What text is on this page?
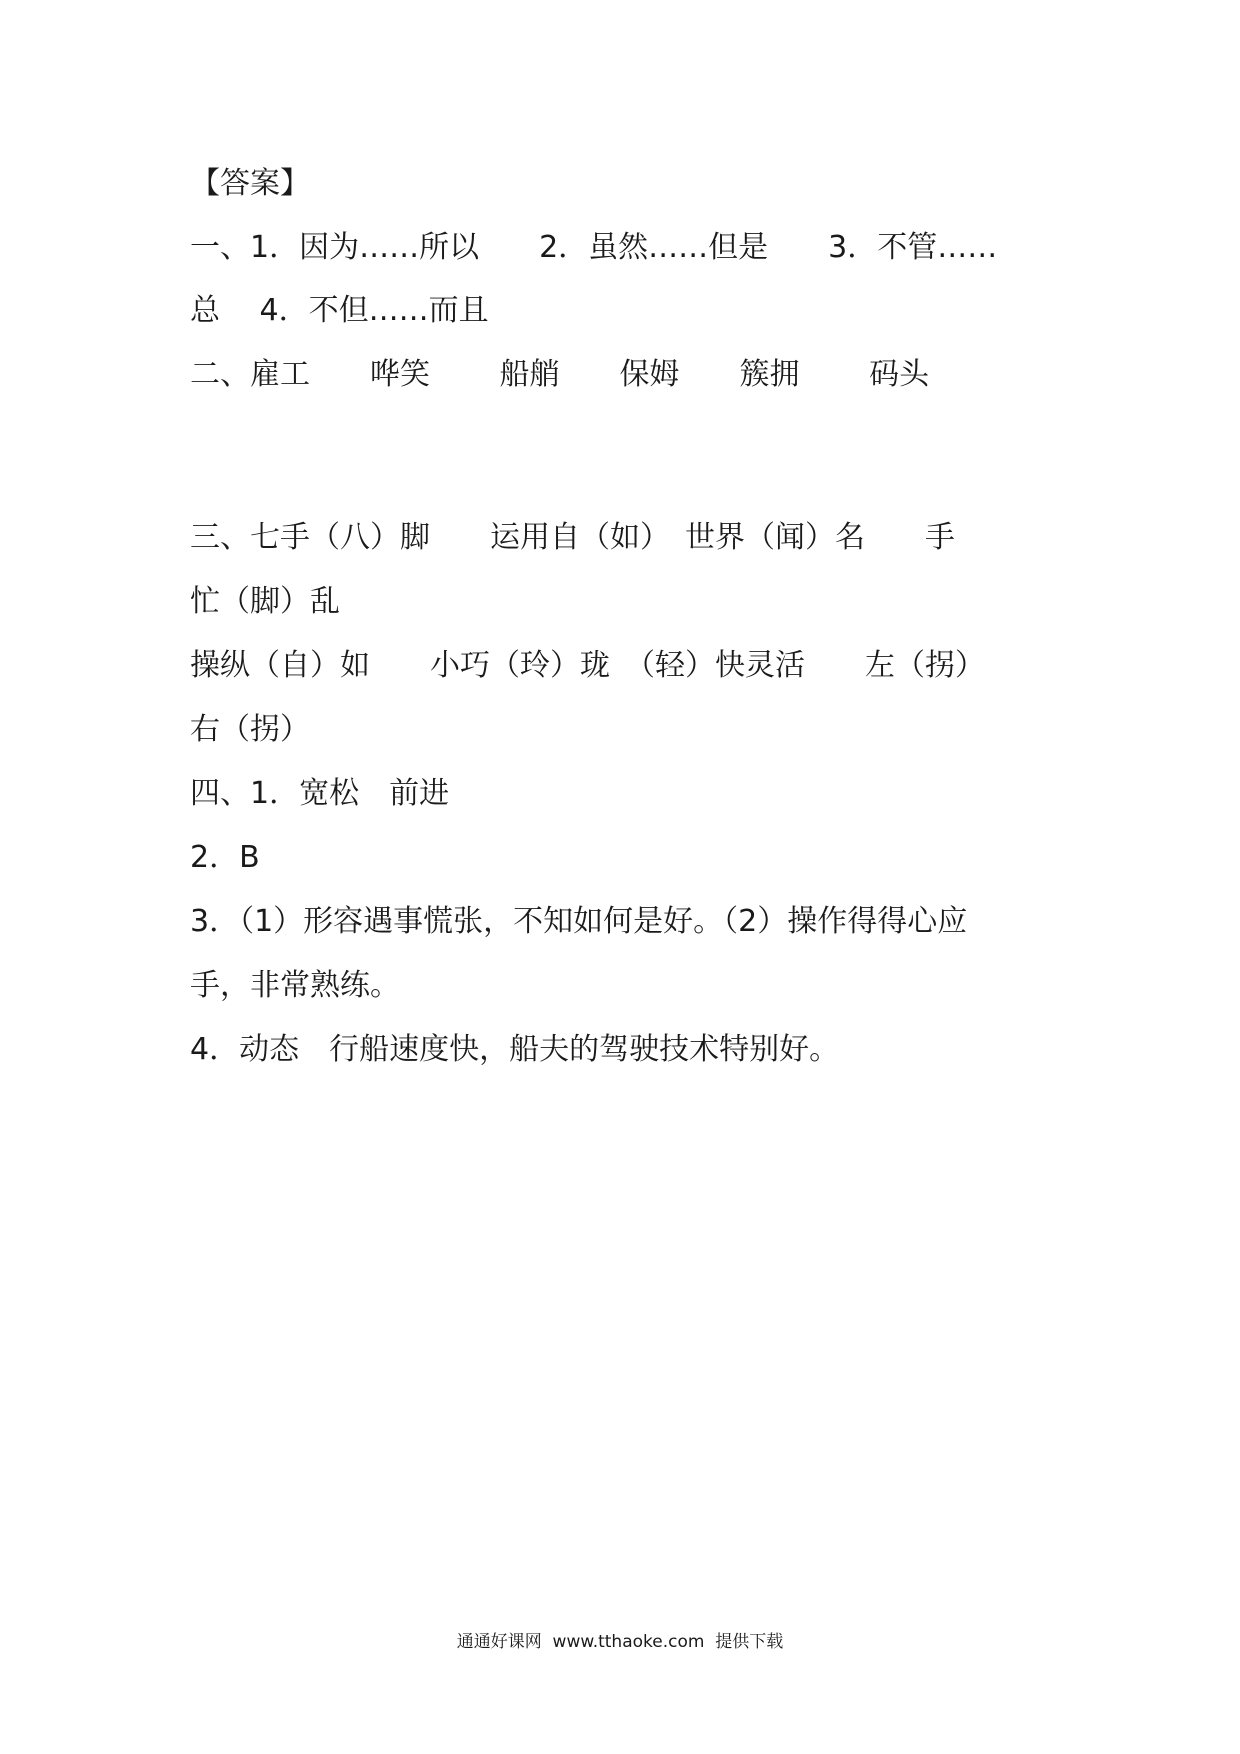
【答案】
一、1．因为……所以　　2．虽然……但是　　3．不管……
总　 4．不但……而且
二、雇工　　哗笑　　 船艄　　保姆　　簇拥　　 码头
三、七手（八）脚　　运用自（如）　世界（闻）名　　手
忙（脚）乱
操纵（自）如　　小巧（玲）珑　（轻）快灵活　　左（拐）
右（拐）
四、1．宽松　前进
2．B
3．（1）形容遇事慌张，不知如何是好。（2）操作得得心应
手，非常熟练。
4．动态　行船速度快，船夫的驾驶技术特别好。
通通好课网  www.tthaoke.com  提供下载
